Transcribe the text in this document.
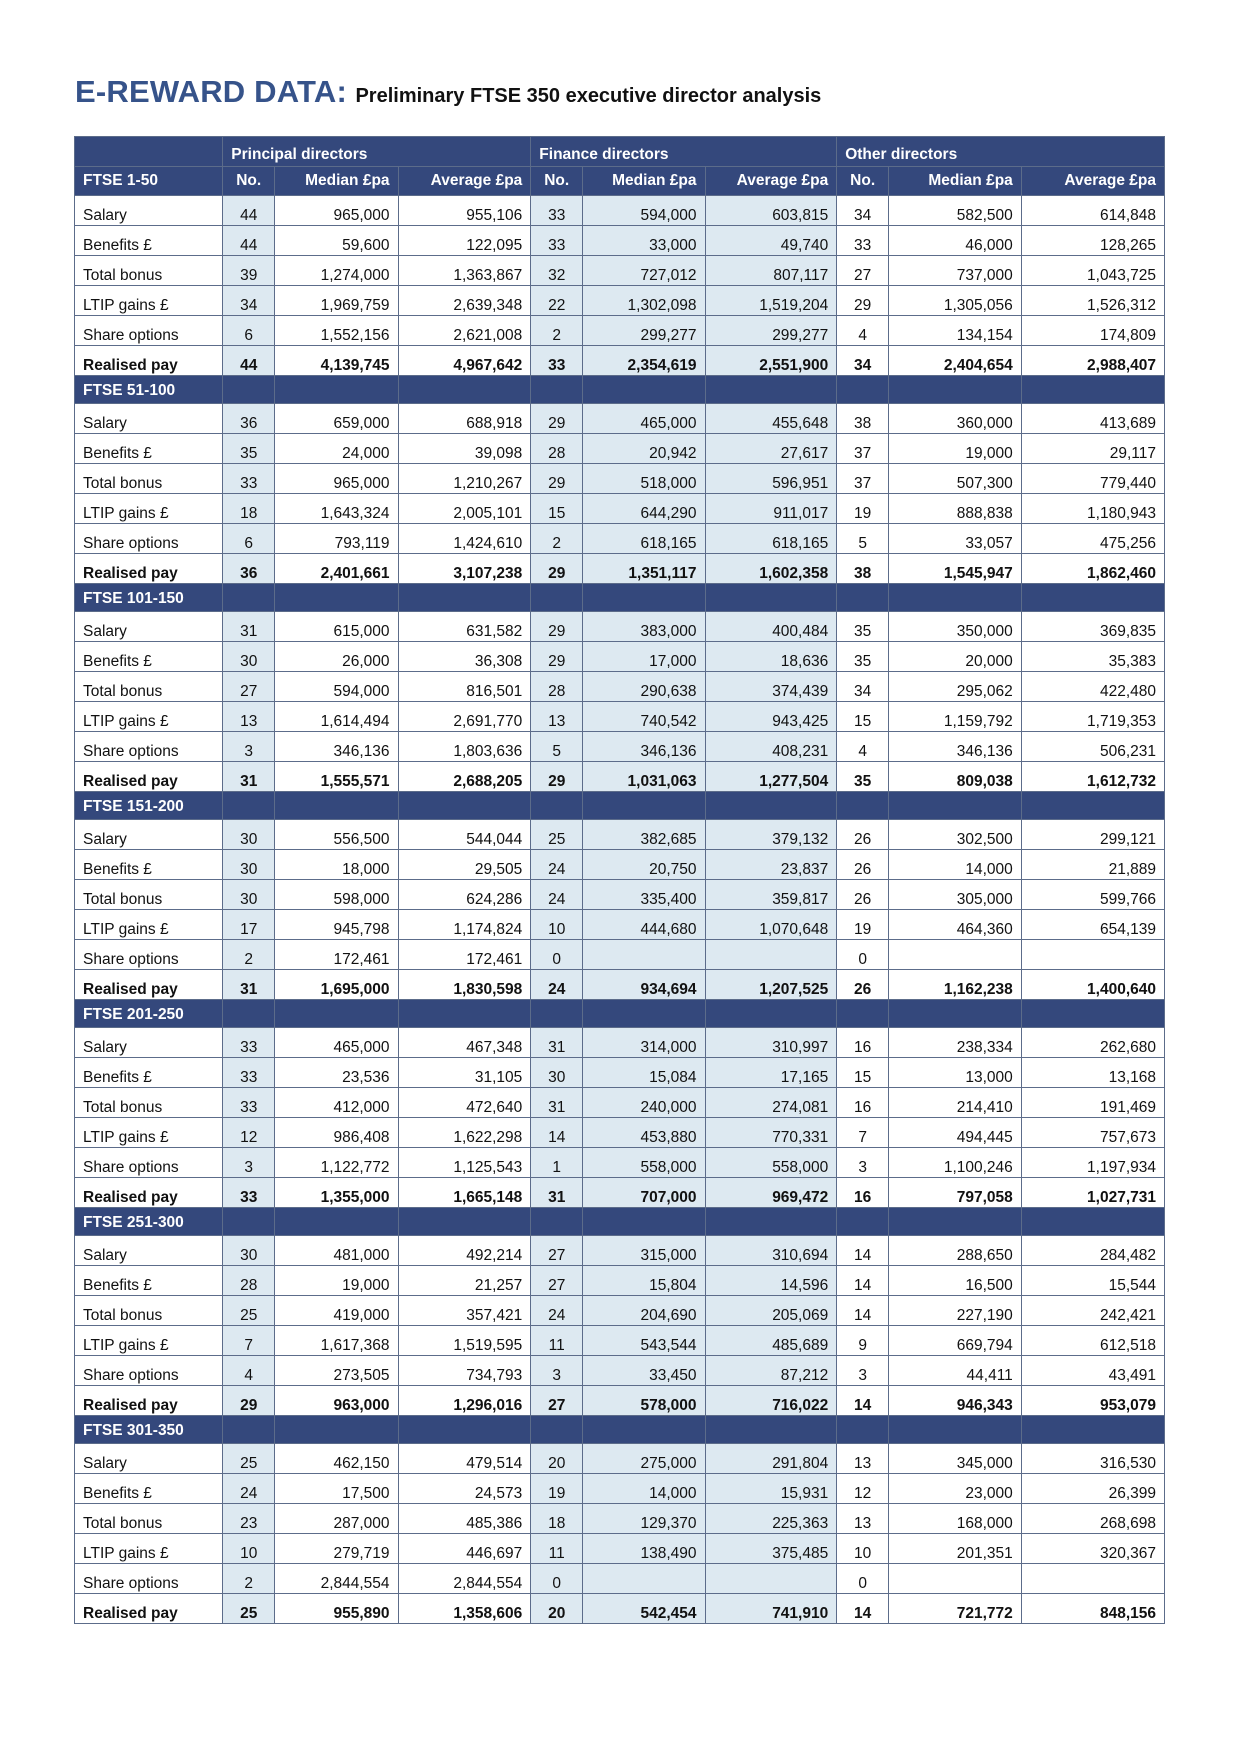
E-REWARD DATA: Preliminary FTSE 350 executive director analysis
	Principal directors			Finance directors			Other directors		
FTSE 1-50	No.	Median £pa	Average £pa	No.	Median £pa	Average £pa	No.	Median £pa	Average £pa
Salary	44	965,000	955,106	33	594,000	603,815	34	582,500	614,848
Benefits £	44	59,600	122,095	33	33,000	49,740	33	46,000	128,265
Total bonus	39	1,274,000	1,363,867	32	727,012	807,117	27	737,000	1,043,725
LTIP gains £	34	1,969,759	2,639,348	22	1,302,098	1,519,204	29	1,305,056	1,526,312
Share options	6	1,552,156	2,621,008	2	299,277	299,277	4	134,154	174,809
Realised pay	44	4,139,745	4,967,642	33	2,354,619	2,551,900	34	2,404,654	2,988,407
FTSE 51-100									
Salary	36	659,000	688,918	29	465,000	455,648	38	360,000	413,689
Benefits £	35	24,000	39,098	28	20,942	27,617	37	19,000	29,117
Total bonus	33	965,000	1,210,267	29	518,000	596,951	37	507,300	779,440
LTIP gains £	18	1,643,324	2,005,101	15	644,290	911,017	19	888,838	1,180,943
Share options	6	793,119	1,424,610	2	618,165	618,165	5	33,057	475,256
Realised pay	36	2,401,661	3,107,238	29	1,351,117	1,602,358	38	1,545,947	1,862,460
FTSE 101-150									
Salary	31	615,000	631,582	29	383,000	400,484	35	350,000	369,835
Benefits £	30	26,000	36,308	29	17,000	18,636	35	20,000	35,383
Total bonus	27	594,000	816,501	28	290,638	374,439	34	295,062	422,480
LTIP gains £	13	1,614,494	2,691,770	13	740,542	943,425	15	1,159,792	1,719,353
Share options	3	346,136	1,803,636	5	346,136	408,231	4	346,136	506,231
Realised pay	31	1,555,571	2,688,205	29	1,031,063	1,277,504	35	809,038	1,612,732
FTSE 151-200									
Salary	30	556,500	544,044	25	382,685	379,132	26	302,500	299,121
Benefits £	30	18,000	29,505	24	20,750	23,837	26	14,000	21,889
Total bonus	30	598,000	624,286	24	335,400	359,817	26	305,000	599,766
LTIP gains £	17	945,798	1,174,824	10	444,680	1,070,648	19	464,360	654,139
Share options	2	172,461	172,461	0			0		
Realised pay	31	1,695,000	1,830,598	24	934,694	1,207,525	26	1,162,238	1,400,640
FTSE 201-250									
Salary	33	465,000	467,348	31	314,000	310,997	16	238,334	262,680
Benefits £	33	23,536	31,105	30	15,084	17,165	15	13,000	13,168
Total bonus	33	412,000	472,640	31	240,000	274,081	16	214,410	191,469
LTIP gains £	12	986,408	1,622,298	14	453,880	770,331	7	494,445	757,673
Share options	3	1,122,772	1,125,543	1	558,000	558,000	3	1,100,246	1,197,934
Realised pay	33	1,355,000	1,665,148	31	707,000	969,472	16	797,058	1,027,731
FTSE 251-300									
Salary	30	481,000	492,214	27	315,000	310,694	14	288,650	284,482
Benefits £	28	19,000	21,257	27	15,804	14,596	14	16,500	15,544
Total bonus	25	419,000	357,421	24	204,690	205,069	14	227,190	242,421
LTIP gains £	7	1,617,368	1,519,595	11	543,544	485,689	9	669,794	612,518
Share options	4	273,505	734,793	3	33,450	87,212	3	44,411	43,491
Realised pay	29	963,000	1,296,016	27	578,000	716,022	14	946,343	953,079
FTSE 301-350									
Salary	25	462,150	479,514	20	275,000	291,804	13	345,000	316,530
Benefits £	24	17,500	24,573	19	14,000	15,931	12	23,000	26,399
Total bonus	23	287,000	485,386	18	129,370	225,363	13	168,000	268,698
LTIP gains £	10	279,719	446,697	11	138,490	375,485	10	201,351	320,367
Share options	2	2,844,554	2,844,554	0			0		
Realised pay	25	955,890	1,358,606	20	542,454	741,910	14	721,772	848,156
